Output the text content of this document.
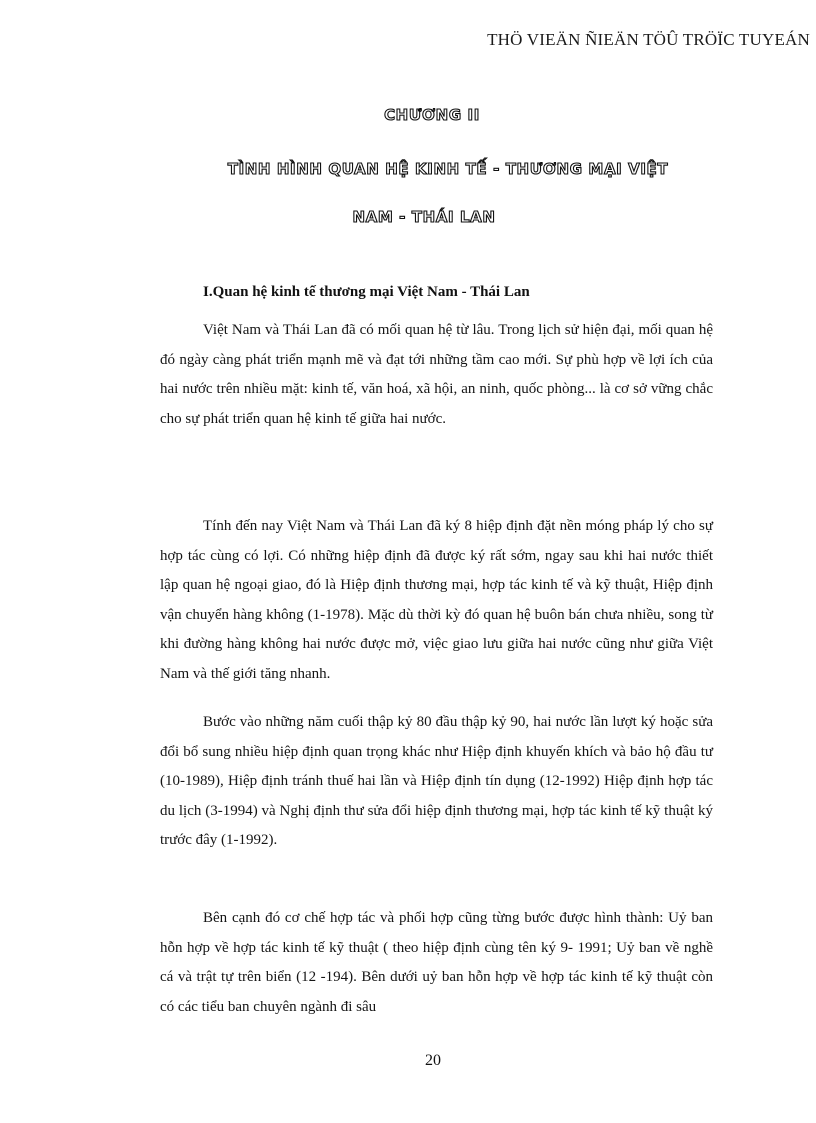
THÖ VIEÄN ÑIEÄN TÖÛ TRÖÏC TUYEÁN
CHƯƠNG II
TÌNH HÌNH QUAN HỆ KINH TẾ - THƯƠNG MẠI VIỆT
NAM - THÁI LAN
I.Quan hệ kinh tế thương mại Việt Nam - Thái Lan

Việt Nam và Thái Lan đã có mối quan hệ từ lâu. Trong lịch sử hiện đại, mối quan hệ đó ngày càng phát triển mạnh mẽ và đạt tới những tầm cao mới. Sự phù hợp về lợi ích của hai nước trên nhiều mặt: kinh tế, văn hoá, xã hội, an ninh, quốc phòng... là cơ sở vững chắc cho sự phát triển quan hệ kinh tế giữa hai nước.

Tính đến nay Việt Nam và Thái Lan đã ký 8 hiệp định đặt nền móng pháp lý cho sự hợp tác cùng có lợi. Có những hiệp định đã được ký rất sớm, ngay sau khi hai nước thiết lập quan hệ ngoại giao, đó là Hiệp định thương mại, hợp tác kinh tế và kỹ thuật, Hiệp định vận chuyển hàng không (1-1978). Mặc dù thời kỳ đó quan hệ buôn bán chưa nhiều, song từ khi đường hàng không hai nước được mở, việc giao lưu giữa hai nước cũng như giữa Việt Nam và thế giới tăng nhanh.

Bước vào những năm cuối thập kỷ 80 đầu thập kỷ 90, hai nước lần lượt ký hoặc sửa đổi bổ sung nhiều hiệp định quan trọng khác như Hiệp định khuyến khích và bảo hộ đầu tư (10-1989), Hiệp định tránh thuế hai lần và Hiệp định tín dụng (12-1992) Hiệp định hợp tác du lịch (3-1994) và Nghị định thư sửa đổi hiệp định thương mại, hợp tác kinh tế kỹ thuật ký trước đây (1-1992).

Bên cạnh đó cơ chế hợp tác và phối hợp cũng từng bước được hình thành: Uỷ ban hỗn hợp về hợp tác kinh tế kỹ thuật ( theo hiệp định cùng tên ký 9- 1991; Uỷ ban về nghề cá và trật tự trên biển (12 -194). Bên dưới uỷ ban hỗn hợp về hợp tác kinh tế kỹ thuật còn có các tiểu ban chuyên ngành đi sâu

20
